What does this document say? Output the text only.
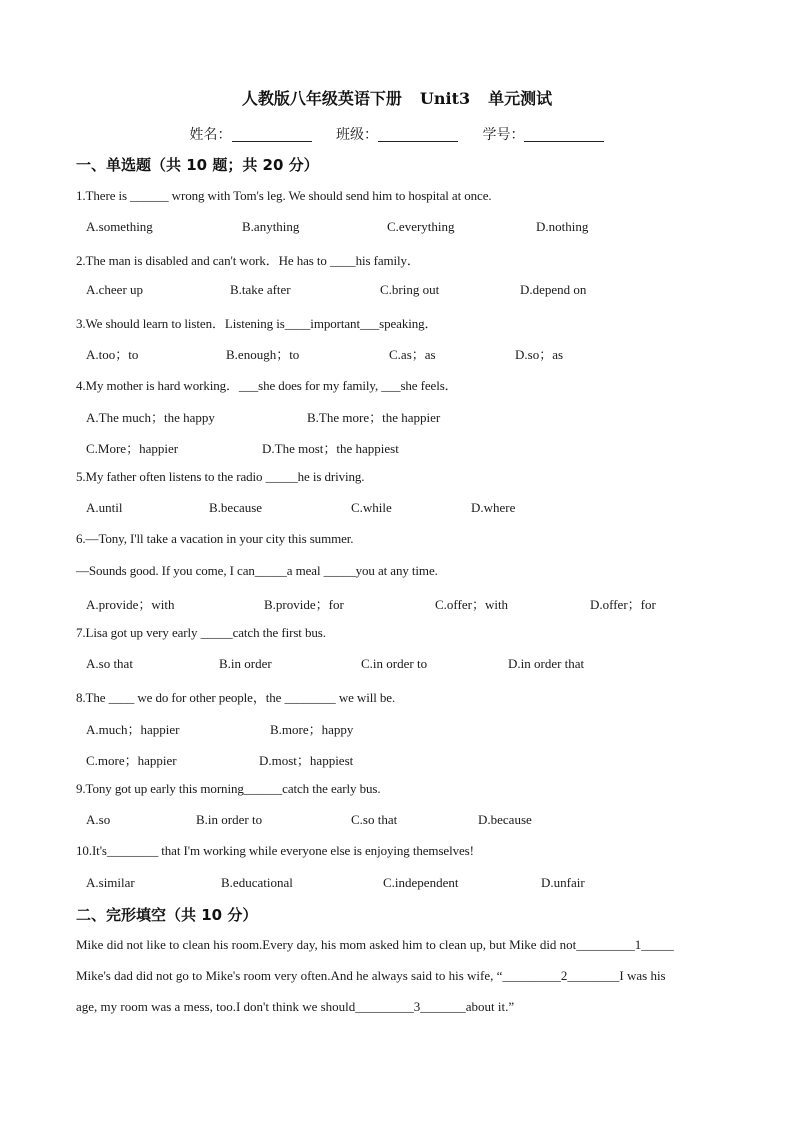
人教版八年级英语下册 Unit3 单元测试
姓名：	班级：	学号：
一、单选题（共 10 题；共 20 分）
1.There is ______ wrong with Tom's leg. We should send him to hospital at once.
A.something	B.anything	C.everything	D.nothing
2.The man is disabled and can't work．He has to ____his family．
A.cheer up	B.take after	C.bring out	D.depend on
3.We should learn to listen．Listening is____important___speaking．
A.too；to	B.enough；to	C.as；as	D.so；as
4.My mother is hard working．___she does for my family, ___she feels．
A.The much；the happy	B.The more；the happier
C.More；happier	D.The most；the happiest
5.My father often listens to the radio _____he is driving.
A.until	B.because	C.while	D.where
6.—Tony, I'll take a vacation in your city this summer.
—Sounds good. If you come, I can_____a meal _____you at any time.
A.provide；with	B.provide；for	C.offer；with	D.offer；for
7.Lisa got up very early _____catch the first bus.
A.so that	B.in order	C.in order to	D.in order that
8.The ____ we do for other people，the ________ we will be.
A.much；happier	B.more；happy
C.more；happier	D.most；happiest
9.Tony got up early this morning______catch the early bus.
A.so	B.in order to	C.so that	D.because
10.It's________ that I'm working while everyone else is enjoying themselves!
A.similar	B.educational	C.independent	D.unfair
二、完形填空（共 10 分）
Mike did not like to clean his room.Every day, his mom asked him to clean up, but Mike did not_________1_____
Mike's dad did not go to Mike's room very often.And he always said to his wife, “_________2________I was his
age, my room was a mess, too.I don't think we should_________3_______about it.”
